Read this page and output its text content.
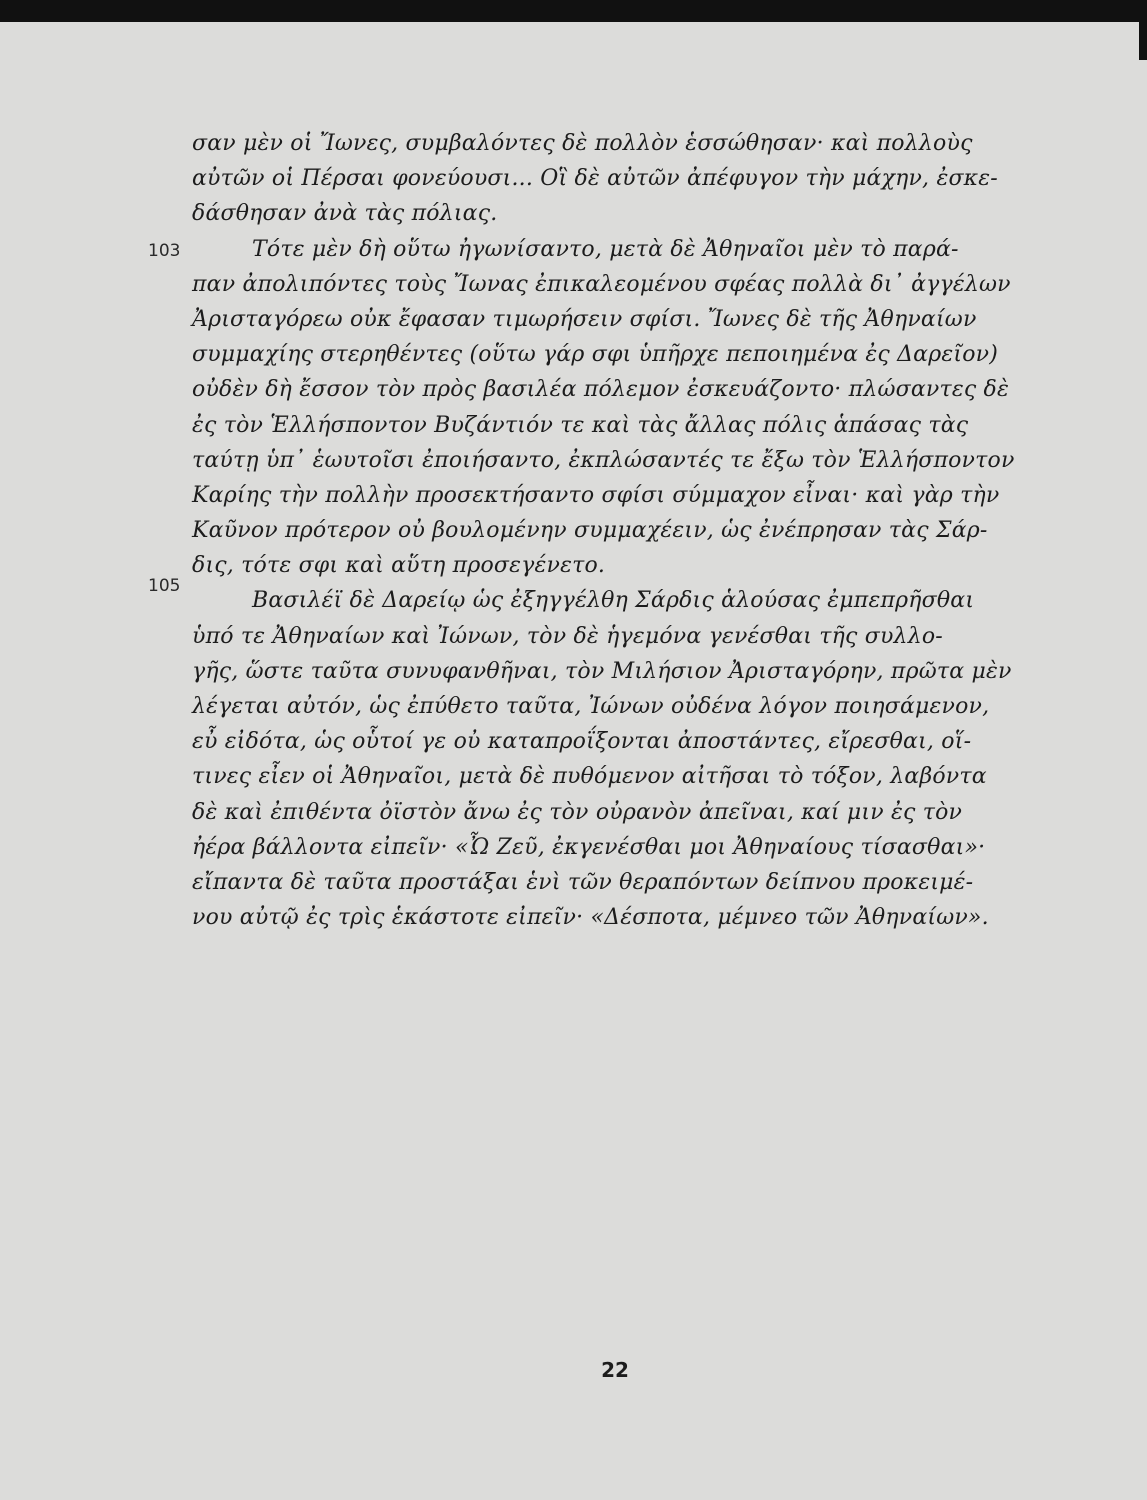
103
105
σαν μὲν οἱ Ἴωνες, συμβαλόντες δὲ πολλὸν ἑσσώθησαν· καὶ πολλοὺς
αὐτῶν οἱ Πέρσαι φονεύουσι... Οἳ δὲ αὐτῶν ἀπέφυγον τὴν μάχην, ἐσκε-
δάσθησαν ἀνὰ τὰς πόλιας.
Τότε μὲν δὴ οὕτω ἠγωνίσαντο, μετὰ δὲ Ἀθηναῖοι μὲν τὸ παρά-
παν ἀπολιπόντες τοὺς Ἴωνας ἐπικαλεομένου σφέας πολλὰ δι᾽ ἀγγέλων
Ἀρισταγόρεω οὐκ ἔφασαν τιμωρήσειν σφίσι. Ἴωνες δὲ τῆς Ἀθηναίων
συμμαχίης στερηθέντες (οὕτω γάρ σφι ὑπῆρχε πεποιημένα ἐς Δαρεῖον)
οὐδὲν δὴ ἔσσον τὸν πρὸς βασιλέα πόλεμον ἐσκευάζοντο· πλώσαντες δὲ
ἐς τὸν Ἑλλήσποντον Βυζάντιόν τε καὶ τὰς ἄλλας πόλις ἁπάσας τὰς
ταύτῃ ὑπ᾽ ἑωυτοῖσι ἐποιήσαντο, ἐκπλώσαντές τε ἔξω τὸν Ἑλλήσποντον
Καρίης τὴν πολλὴν προσεκτήσαντο σφίσι σύμμαχον εἶναι· καὶ γὰρ τὴν
Καῦνον πρότερον οὐ βουλομένην συμμαχέειν, ὡς ἐνέπρησαν τὰς Σάρ-
δις, τότε σφι καὶ αὕτη προσεγένετο.
Βασιλέϊ δὲ Δαρείῳ ὡς ἐξηγγέλθη Σάρδις ἁλούσας ἐμπεπρῆσθαι
ὑπό τε Ἀθηναίων καὶ Ἰώνων, τὸν δὲ ἡγεμόνα γενέσθαι τῆς συλλο-
γῆς, ὥστε ταῦτα συνυφανθῆναι, τὸν Μιλήσιον Ἀρισταγόρην, πρῶτα μὲν
λέγεται αὐτόν, ὡς ἐπύθετο ταῦτα, Ἰώνων οὐδένα λόγον ποιησάμενον,
εὖ εἰδότα, ὡς οὗτοί γε οὐ καταπροΐξονται ἀποστάντες, εἴρεσθαι, οἵ-
τινες εἶεν οἱ Ἀθηναῖοι, μετὰ δὲ πυθόμενον αἰτῆσαι τὸ τόξον, λαβόντα
δὲ καὶ ἐπιθέντα ὀϊστὸν ἄνω ἐς τὸν οὐρανὸν ἀπεῖναι, καί μιν ἐς τὸν
ἠέρα βάλλοντα εἰπεῖν· «Ὦ Ζεῦ, ἐκγενέσθαι μοι Ἀθηναίους τίσασθαι»·
εἴπαντα δὲ ταῦτα προστάξαι ἑνὶ τῶν θεραπόντων δείπνου προκειμέ-
νου αὐτῷ ἐς τρὶς ἑκάστοτε εἰπεῖν· «Δέσποτα, μέμνεο τῶν Ἀθηναίων».
22
